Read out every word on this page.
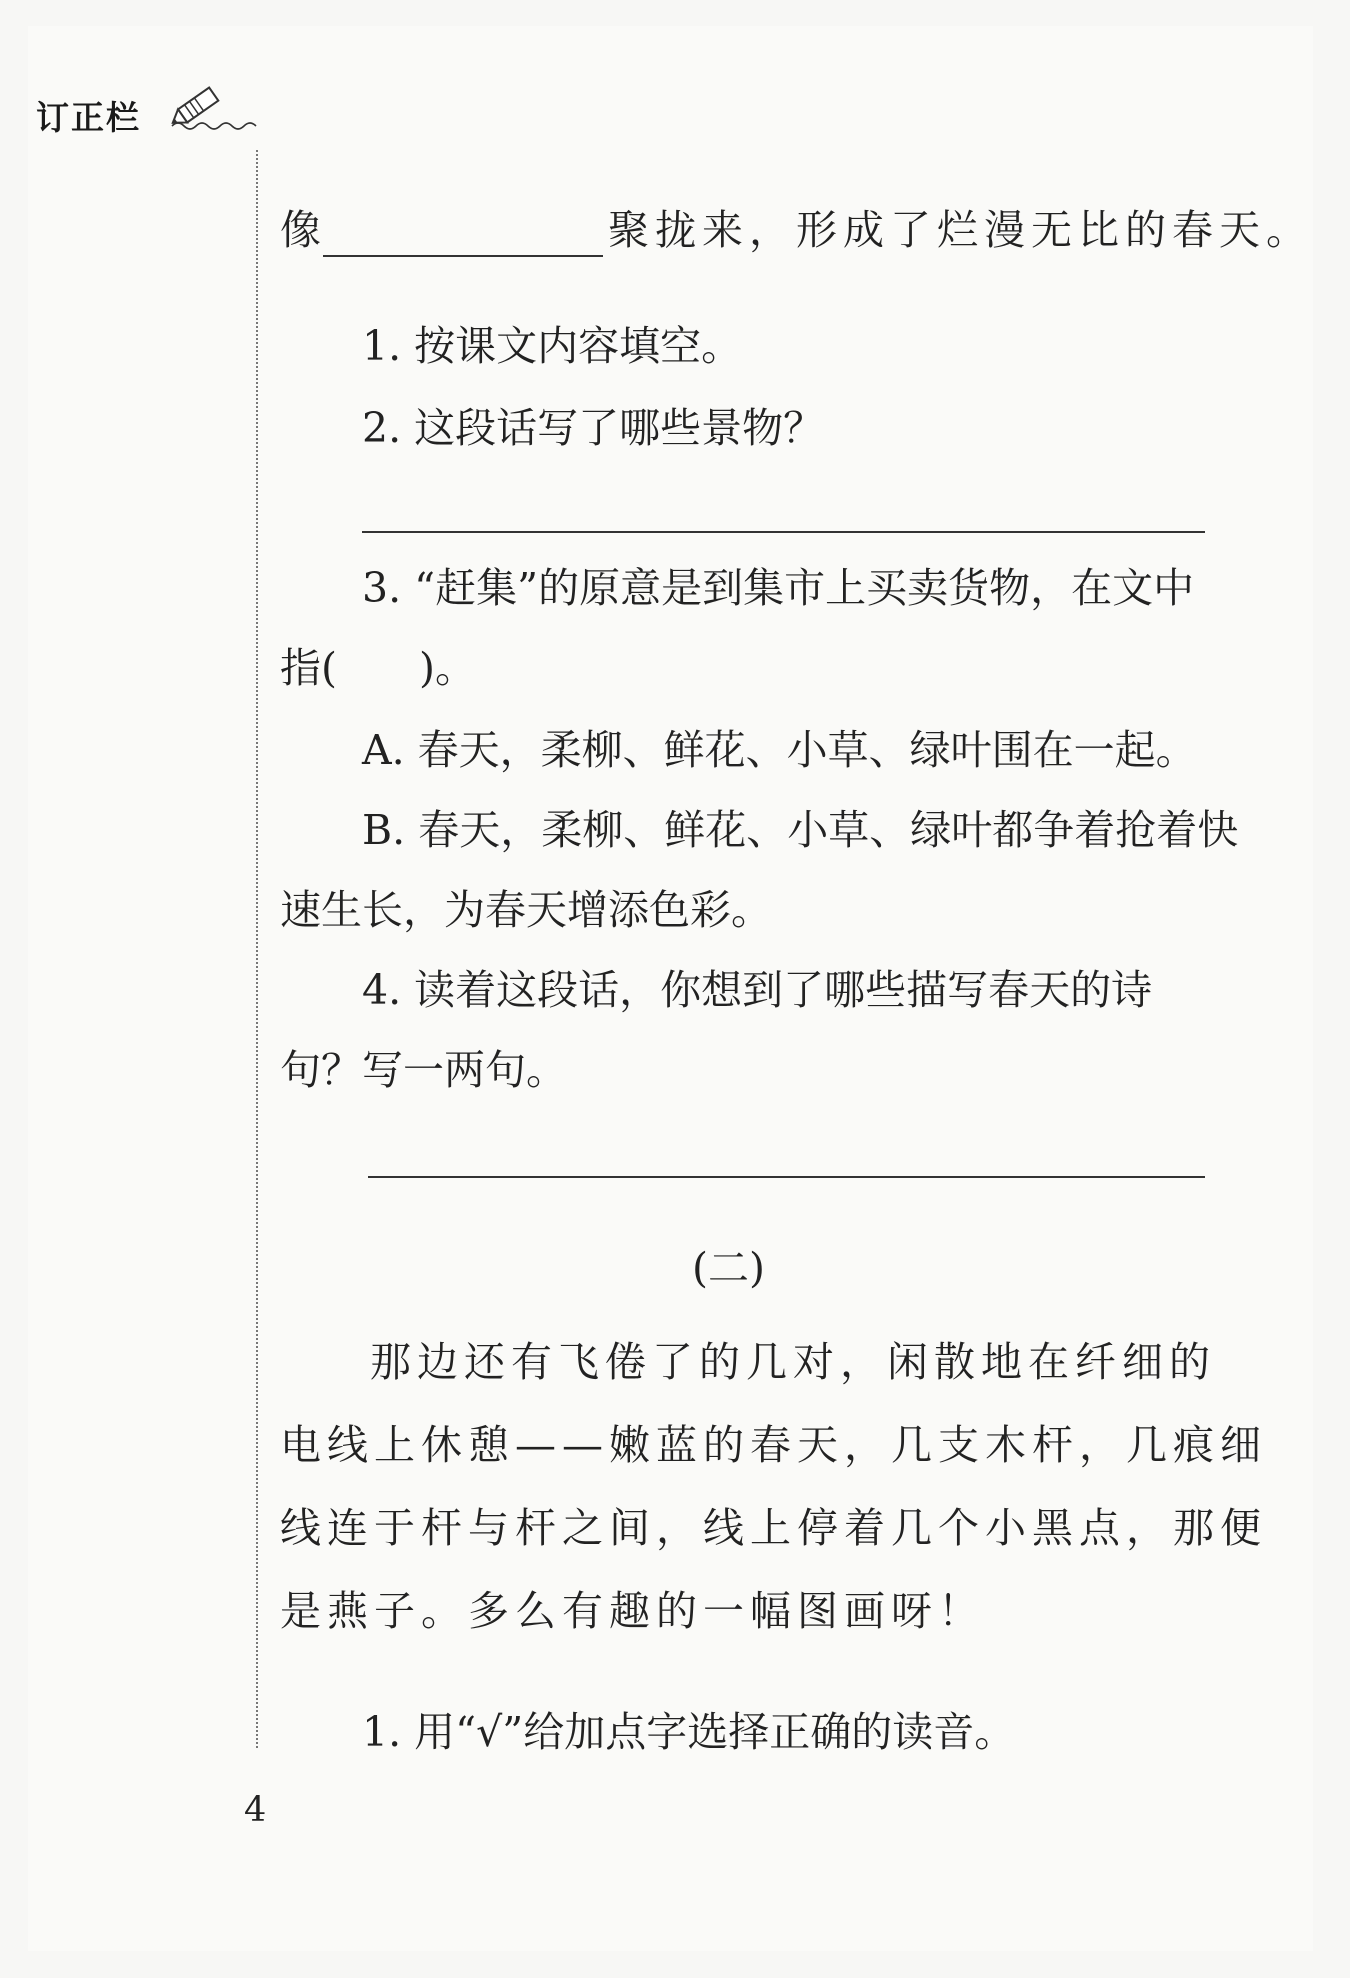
订正栏
像	聚拢来，形成了烂漫无比的春天。
1. 按课文内容填空。
2. 这段话写了哪些景物？
3. “赶集”的原意是到集市上买卖货物，在文中
指(　　)。
A. 春天，柔柳、鲜花、小草、绿叶围在一起。
B. 春天，柔柳、鲜花、小草、绿叶都争着抢着快
速生长，为春天增添色彩。
4. 读着这段话，你想到了哪些描写春天的诗
句？写一两句。
(二)
那边还有飞倦了的几对，闲散地在纤细的
电线上休憩——嫩蓝的春天，几支木杆，几痕细
线连于杆与杆之间，线上停着几个小黑点，那便
是燕子。多么有趣的一幅图画呀！
1. 用“√”给加点字选择正确的读音。
4
